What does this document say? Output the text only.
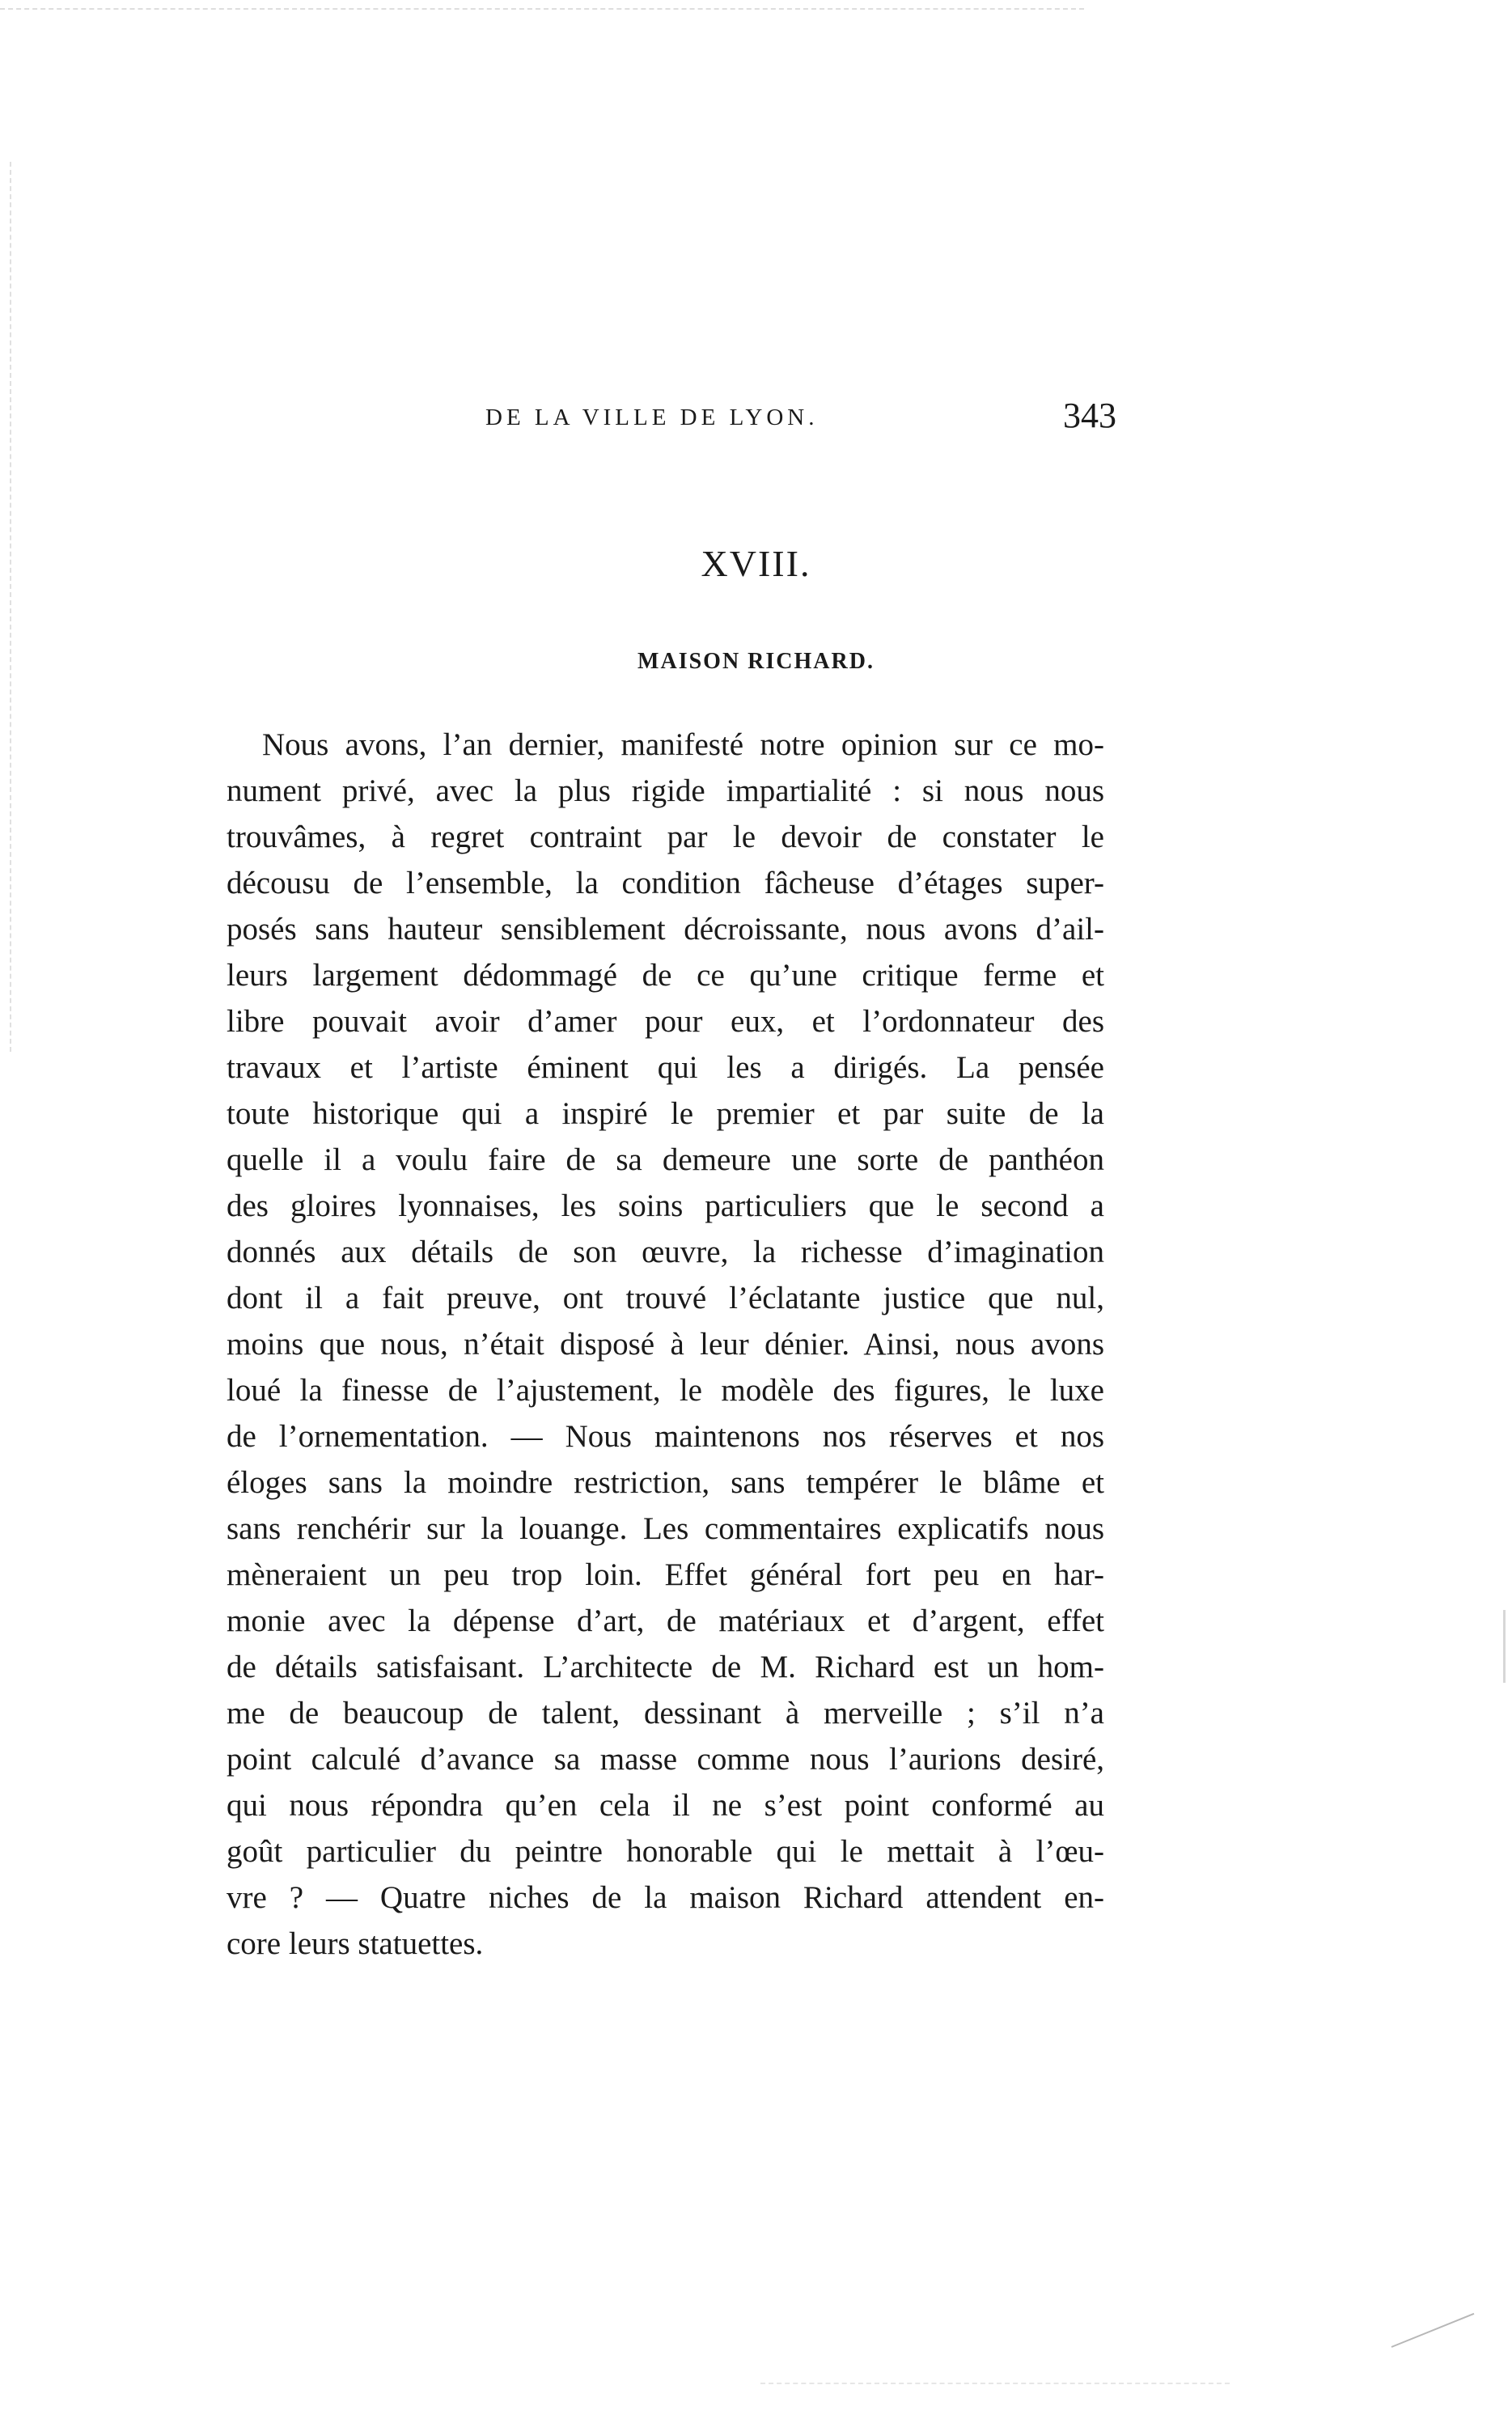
DE LA VILLE DE LYON.	343
XVIII.
MAISON RICHARD.
Nous avons, l’an dernier, manifesté notre opinion sur ce mo-
nument privé, avec la plus rigide impartialité : si nous nous
trouvâmes, à regret contraint par le devoir de constater le
décousu de l’ensemble, la condition fâcheuse d’étages super-
posés sans hauteur sensiblement décroissante, nous avons d’ail-
leurs largement dédommagé de ce qu’une critique ferme et
libre pouvait avoir d’amer pour eux, et l’ordonnateur des
travaux et l’artiste éminent qui les a dirigés. La pensée
toute historique qui a inspiré le premier et par suite de la
quelle il a voulu faire de sa demeure une sorte de panthéon
des gloires lyonnaises, les soins particuliers que le second a
donnés aux détails de son œuvre, la richesse d’imagination
dont il a fait preuve, ont trouvé l’éclatante justice que nul,
moins que nous, n’était disposé à leur dénier. Ainsi, nous avons
loué la finesse de l’ajustement, le modèle des figures, le luxe
de l’ornementation. — Nous maintenons nos réserves et nos
éloges sans la moindre restriction, sans tempérer le blâme et
sans renchérir sur la louange. Les commentaires explicatifs nous
mèneraient un peu trop loin. Effet général fort peu en har-
monie avec la dépense d’art, de matériaux et d’argent, effet
de détails satisfaisant. L’architecte de M. Richard est un hom-
me de beaucoup de talent, dessinant à merveille ; s’il n’a
point calculé d’avance sa masse comme nous l’aurions desiré,
qui nous répondra qu’en cela il ne s’est point conformé au
goût particulier du peintre honorable qui le mettait à l’œu-
vre ? — Quatre niches de la maison Richard attendent en-
core leurs statuettes.
